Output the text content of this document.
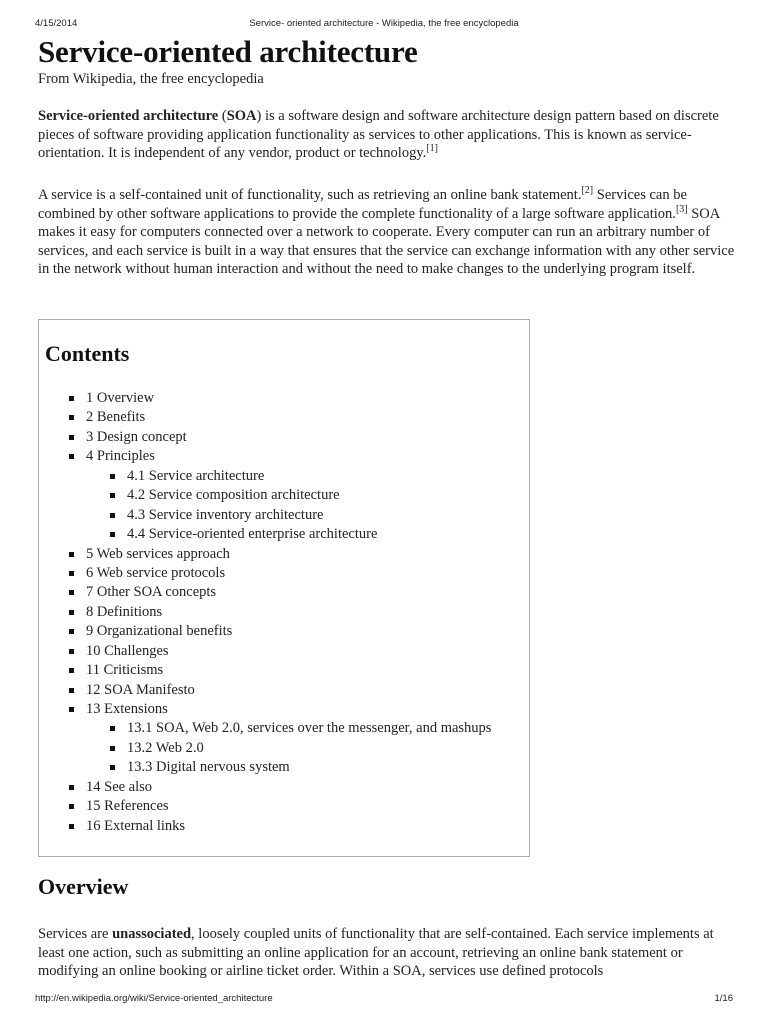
4/15/2014	Service- oriented architecture - Wikipedia, the free encyclopedia
Service-oriented architecture

From Wikipedia, the free encyclopedia

Service-oriented architecture (SOA) is a software design and software architecture design pattern based on discrete pieces of software providing application functionality as services to other applications. This is known as service-orientation. It is independent of any vendor, product or technology.[1]

A service is a self-contained unit of functionality, such as retrieving an online bank statement.[2] Services can be combined by other software applications to provide the complete functionality of a large software application.[3] SOA makes it easy for computers connected over a network to cooperate. Every computer can run an arbitrary number of services, and each service is built in a way that ensures that the service can exchange information with any other service in the network without human interaction and without the need to make changes to the underlying program itself.

Contents
1 Overview
2 Benefits
3 Design concept
4 Principles
4.1 Service architecture
4.2 Service composition architecture
4.3 Service inventory architecture
4.4 Service-oriented enterprise architecture
5 Web services approach
6 Web service protocols
7 Other SOA concepts
8 Definitions
9 Organizational benefits
10 Challenges
11 Criticisms
12 SOA Manifesto
13 Extensions
13.1 SOA, Web 2.0, services over the messenger, and mashups
13.2 Web 2.0
13.3 Digital nervous system
14 See also
15 References
16 External links
Overview

Services are unassociated, loosely coupled units of functionality that are self-contained. Each service implements at least one action, such as submitting an online application for an account, retrieving an online bank statement or modifying an online booking or airline ticket order. Within a SOA, services use defined protocols

http://en.wikipedia.org/wiki/Service-oriented_architecture	1/16
